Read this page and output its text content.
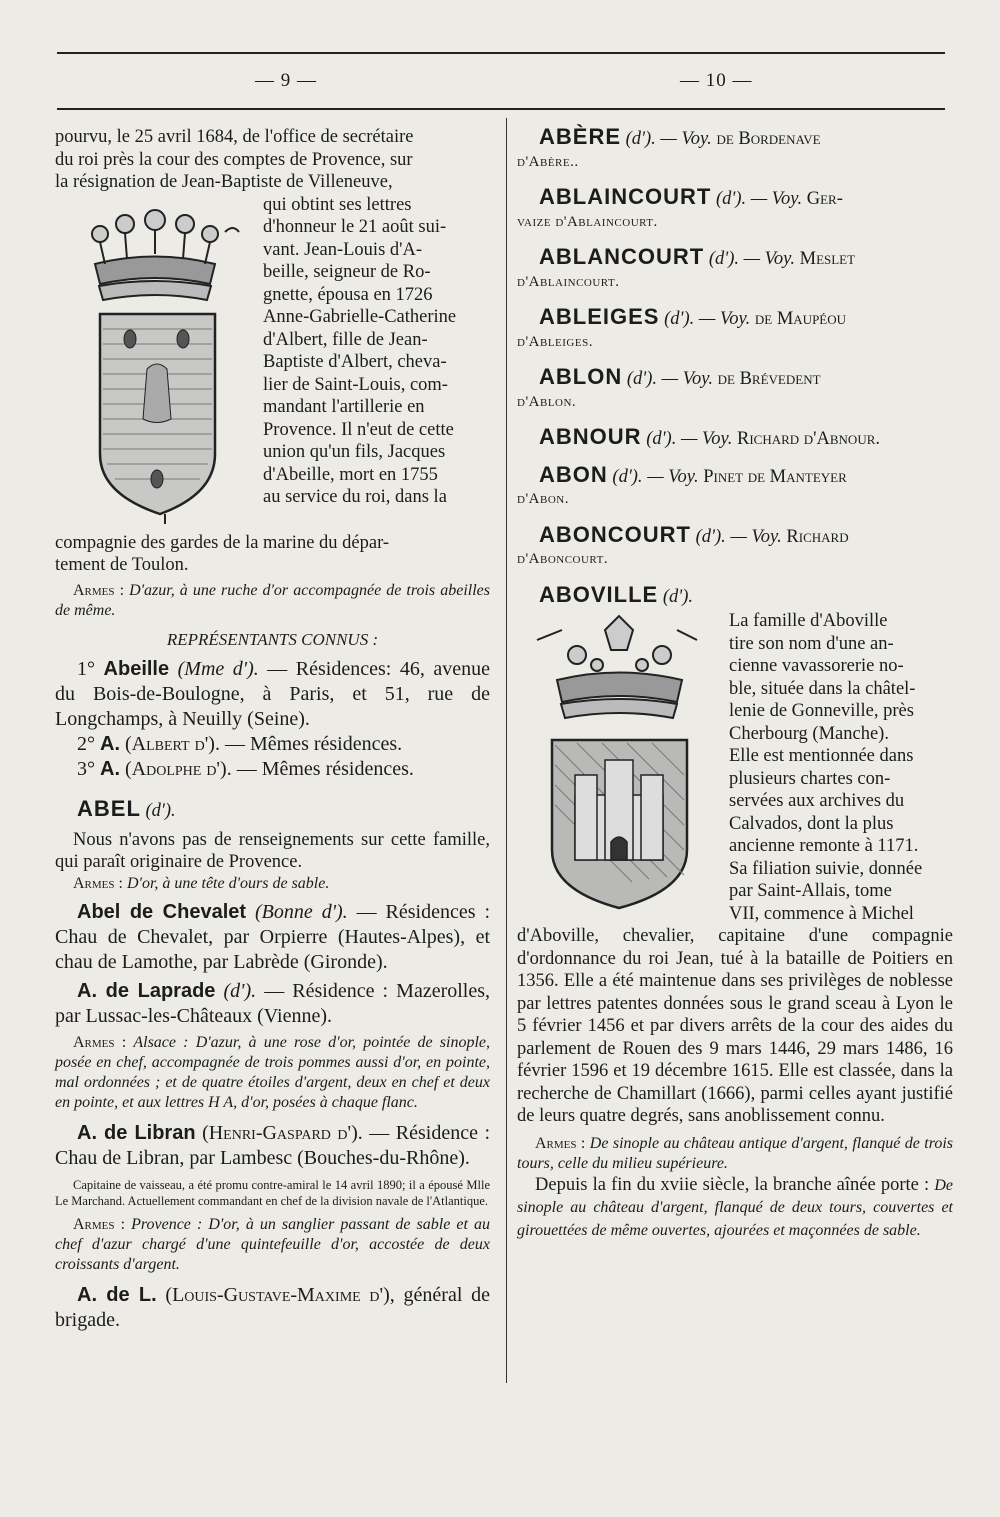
— 9 —	— 10 —

pourvu, le 25 avril 1684, de l'office de secrétaire

du roi près la cour des comptes de Provence, sur

la résignation de Jean-Baptiste de Villeneuve,

qui obtint ses lettres

d'honneur le 21 août sui-

vant. Jean-Louis d'A-

beille, seigneur de Ro-

gnette, épousa en 1726

Anne-Gabrielle-Catherine

d'Albert, fille de Jean-

Baptiste d'Albert, cheva-

lier de Saint-Louis, com-

mandant l'artillerie en

Provence. Il n'eut de cette

union qu'un fils, Jacques

d'Abeille, mort en 1755

au service du roi, dans la

compagnie des gardes de la marine du dépar-

tement de Toulon.

Armes : D'azur, à une ruche d'or accompagnée de trois abeilles de même.

REPRÉSENTANTS CONNUS :

1° Abeille (Mme d'). — Résidences: 46, avenue du Bois-de-Boulogne, à Paris, et 51, rue de Longchamps, à Neuilly (Seine).

2° A. (Albert d'). — Mêmes résidences.

3° A. (Adolphe d'). — Mêmes résidences.

ABEL (d').

Nous n'avons pas de renseignements sur cette famille, qui paraît originaire de Provence.

Armes : D'or, à une tête d'ours de sable.

Abel de Chevalet (Bonne d'). — Résidences : Chau de Chevalet, par Orpierre (Hautes-Alpes), et chau de Lamothe, par Labrède (Gironde).

A. de Laprade (d'). — Résidence : Mazerolles, par Lussac-les-Châteaux (Vienne).

Armes : Alsace : D'azur, à une rose d'or, pointée de sinople, posée en chef, accompagnée de trois pommes aussi d'or, en pointe, mal ordonnées ; et de quatre étoiles d'argent, deux en chef et deux en pointe, et aux lettres H A, d'or, posées à chaque flanc.

A. de Libran (Henri-Gaspard d'). — Résidence : Chau de Libran, par Lambesc (Bouches-du-Rhône).

Capitaine de vaisseau, a été promu contre-amiral le 14 avril 1890; il a épousé Mlle Le Marchand. Actuellement commandant en chef de la division navale de l'Atlantique.

Armes : Provence : D'or, à un sanglier passant de sable et au chef d'azur chargé d'une quintefeuille d'or, accostée de deux croissants d'argent.

A. de L. (Louis-Gustave-Maxime d'), général de brigade.

ABÈRE (d'). — Voy. de Bordenave

d'Abère..

ABLAINCOURT (d'). — Voy. Ger-

vaize d'Ablaincourt.

ABLANCOURT (d'). — Voy. Meslet

d'Ablaincourt.

ABLEIGES (d'). — Voy. de Maupéou

d'Ableiges.

ABLON (d'). — Voy. de Brévedent

d'Ablon.

ABNOUR (d'). — Voy. Richard d'Abnour.

ABON (d'). — Voy. Pinet de Manteyer

d'Abon.

ABONCOURT (d'). — Voy. Richard

d'Aboncourt.

ABOVILLE (d').

La famille d'Aboville

tire son nom d'une an-

cienne vavassorerie no-

ble, située dans la châtel-

lenie de Gonneville, près

Cherbourg (Manche).

Elle est mentionnée dans

plusieurs chartes con-

servées aux archives du

Calvados, dont la plus

ancienne remonte à 1171.

Sa filiation suivie, donnée

par Saint-Allais, tome

VII, commence à Michel

d'Aboville, chevalier, capitaine d'une compagnie d'ordonnance du roi Jean, tué à la bataille de Poitiers en 1356. Elle a été maintenue dans ses privilèges de noblesse par lettres patentes données sous le grand sceau à Lyon le 5 février 1456 et par divers arrêts de la cour des aides du parlement de Rouen des 9 mars 1446, 29 mars 1486, 16 février 1596 et 19 décembre 1615. Elle est classée, dans la recherche de Chamillart (1666), parmi celles ayant justifié de leurs quatre degrés, sans anoblissement connu.

Armes : De sinople au château antique d'argent, flanqué de trois tours, celle du milieu supérieure.

Depuis la fin du xviie siècle, la branche aînée porte : De sinople au château d'argent, flanqué de deux tours, couvertes et girouettées de même ouvertes, ajourées et maçonnées de sable.
